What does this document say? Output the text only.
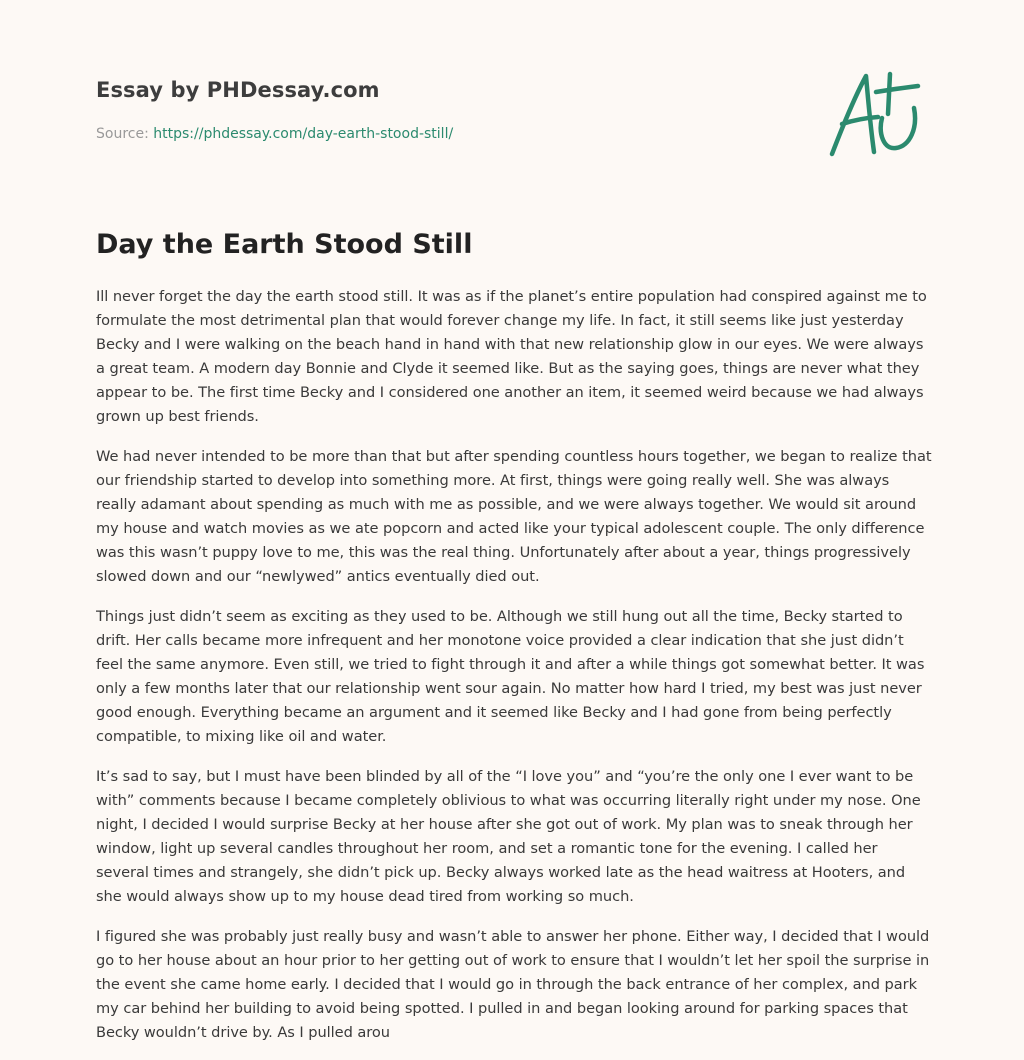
Essay by PHDessay.com
Source: https://phdessay.com/day-earth-stood-still/
Day the Earth Stood Still

Ill never forget the day the earth stood still. It was as if the planet’s entire population had conspired against me to formulate the most detrimental plan that would forever change my life. In fact, it still seems like just yesterday Becky and I were walking on the beach hand in hand with that new relationship glow in our eyes. We were always a great team. A modern day Bonnie and Clyde it seemed like. But as the saying goes, things are never what they appear to be. The first time Becky and I considered one another an item, it seemed weird because we had always grown up best friends.

We had never intended to be more than that but after spending countless hours together, we began to realize that our friendship started to develop into something more. At first, things were going really well. She was always really adamant about spending as much with me as possible, and we were always together. We would sit around my house and watch movies as we ate popcorn and acted like your typical adolescent couple. The only difference was this wasn’t puppy love to me, this was the real thing. Unfortunately after about a year, things progressively slowed down and our “newlywed” antics eventually died out.

Things just didn’t seem as exciting as they used to be. Although we still hung out all the time, Becky started to drift. Her calls became more infrequent and her monotone voice provided a clear indication that she just didn’t feel the same anymore. Even still, we tried to fight through it and after a while things got somewhat better. It was only a few months later that our relationship went sour again. No matter how hard I tried, my best was just never good enough. Everything became an argument and it seemed like Becky and I had gone from being perfectly compatible, to mixing like oil and water.

It’s sad to say, but I must have been blinded by all of the “I love you” and “you’re the only one I ever want to be with” comments because I became completely oblivious to what was occurring literally right under my nose. One night, I decided I would surprise Becky at her house after she got out of work. My plan was to sneak through her window, light up several candles throughout her room, and set a romantic tone for the evening. I called her several times and strangely, she didn’t pick up. Becky always worked late as the head waitress at Hooters, and she would always show up to my house dead tired from working so much.

I figured she was probably just really busy and wasn’t able to answer her phone. Either way, I decided that I would go to her house about an hour prior to her getting out of work to ensure that I wouldn’t let her spoil the surprise in the event she came home early. I decided that I would go in through the back entrance of her complex, and park my car behind her building to avoid being spotted. I pulled in and began looking around for parking spaces that Becky wouldn’t drive by. As I pulled arou
